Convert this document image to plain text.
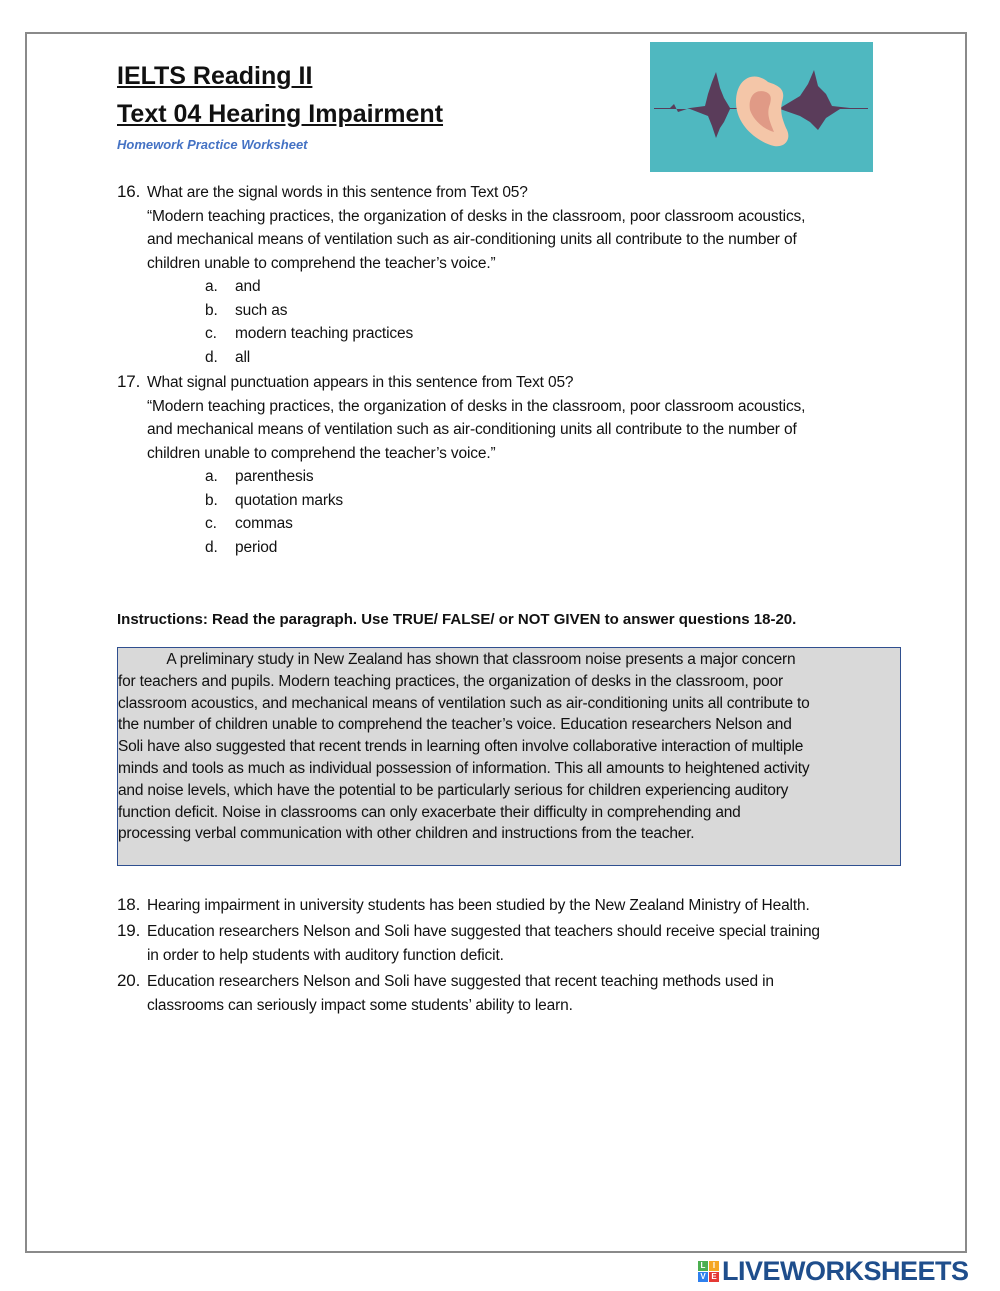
IELTS Reading II
Text 04 Hearing Impairment
Homework Practice Worksheet
16. What are the signal words in this sentence from Text 05?
“Modern teaching practices, the organization of desks in the classroom, poor classroom acoustics,
and mechanical means of ventilation such as air-conditioning units all contribute to the number of
children unable to comprehend the teacher’s voice.”
a. and
b. such as
c. modern teaching practices
d. all
17. What signal punctuation appears in this sentence from Text 05?
“Modern teaching practices, the organization of desks in the classroom, poor classroom acoustics,
and mechanical means of ventilation such as air-conditioning units all contribute to the number of
children unable to comprehend the teacher’s voice.”
a. parenthesis
b. quotation marks
c. commas
d. period
Instructions: Read the paragraph. Use TRUE/ FALSE/ or NOT GIVEN to answer questions 18-20.
A preliminary study in New Zealand has shown that classroom noise presents a major concern
for teachers and pupils. Modern teaching practices, the organization of desks in the classroom, poor
classroom acoustics, and mechanical means of ventilation such as air-conditioning units all contribute to
the number of children unable to comprehend the teacher’s voice. Education researchers Nelson and
Soli have also suggested that recent trends in learning often involve collaborative interaction of multiple
minds and tools as much as individual possession of information. This all amounts to heightened activity
and noise levels, which have the potential to be particularly serious for children experiencing auditory
function deficit. Noise in classrooms can only exacerbate their difficulty in comprehending and
processing verbal communication with other children and instructions from the teacher.
18. Hearing impairment in university students has been studied by the New Zealand Ministry of Health.
19. Education researchers Nelson and Soli have suggested that teachers should receive special training
in order to help students with auditory function deficit.
20. Education researchers Nelson and Soli have suggested that recent teaching methods used in
classrooms can seriously impact some students’ ability to learn.
L I
V E LIVEWORKSHEETS
